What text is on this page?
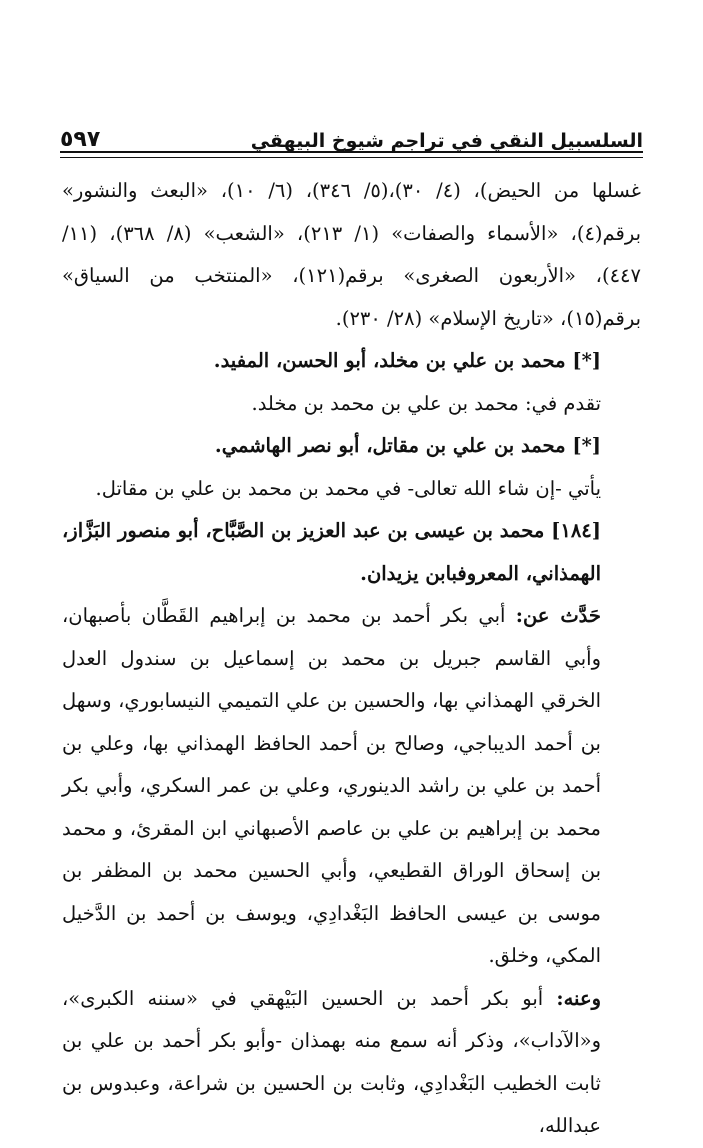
السلسبيل النقي في تراجم شيوخ البيهقي
٥٩٧

غسلها من الحيض)، (٤/ ٣٠)،(٥/ ٣٤٦)، (٦/ ١٠)، «البعث والنشور» برقم(٤)، «الأسماء والصفات» (١/ ٢١٣)، «الشعب» (٨/ ٣٦٨)، (١١/ ٤٤٧)، «الأربعون الصغرى» برقم(١٢١)، «المنتخب من السياق» برقم(١٥)، «تاريخ الإسلام» (٢٨/ ٢٣٠).

[*] محمد بن علي بن مخلد، أبو الحسن، المفيد.

تقدم في: محمد بن علي بن محمد بن مخلد.

[*] محمد بن علي بن مقاتل، أبو نصر الهاشمي.

يأتي -إن شاء الله تعالى- في محمد بن محمد بن علي بن مقاتل.

[١٨٤] محمد بن عيسى بن عبد العزيز بن الصَّبَّاح، أبو منصور البَزَّاز، الهمذاني، المعروفبابن يزيدان.

حَدَّث عن: أبي بكر أحمد بن محمد بن إبراهيم القَطَّان بأصبهان، وأبي القاسم جبريل بن محمد بن إسماعيل بن سندول العدل الخرقي الهمذاني بها، والحسين بن علي التميمي النيسابوري، وسهل بن أحمد الديباجي، وصالح بن أحمد الحافظ الهمذاني بها، وعلي بن أحمد بن علي بن راشد الدينوري، وعلي بن عمر السكري، وأبي بكر محمد بن إبراهيم بن علي بن عاصم الأصبهاني ابن المقرئ، و محمد بن إسحاق الوراق القطيعي، وأبي الحسين محمد بن المظفر بن موسى بن عيسى الحافظ البَغْدادِي، ويوسف بن أحمد بن الدَّخيل المكي، وخلق.

وعنه: أبو بكر أحمد بن الحسين البَيْهقي في «سننه الكبرى»، و«الآداب»، وذكر أنه سمع منه بهمذان -وأبو بكر أحمد بن علي بن ثابت الخطيب البَغْدادِي، وثابت بن الحسين بن شراعة، وعبدوس بن عبدالله،
